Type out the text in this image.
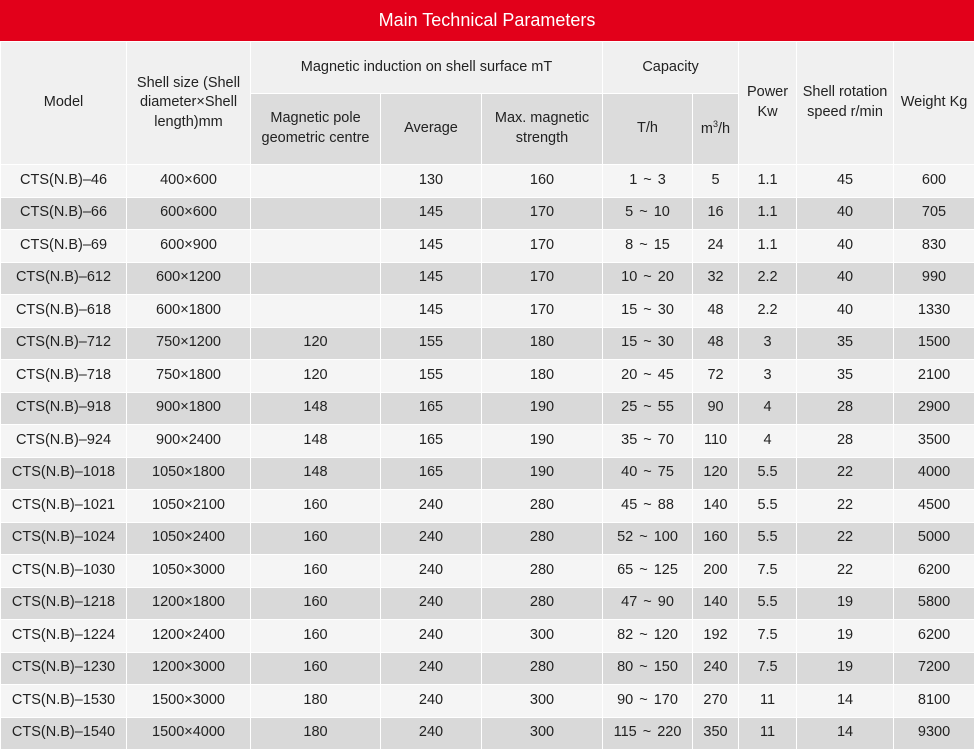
Main Technical Parameters
Model	Shell size (Shell diameter×Shell length)mm	Magnetic induction on shell surface mT			Capacity		Power Kw	Shell rotation speed r/min	Weight Kg
		Magnetic pole geometric centre	Average	Max. magnetic strength	T/h	$m^3/h$			
CTS(N.B)–46	400×600		130	160	1 ~ 3	5	1.1	45	600
CTS(N.B)–66	600×600		145	170	5 ~ 10	16	1.1	40	705
CTS(N.B)–69	600×900		145	170	8 ~ 15	24	1.1	40	830
CTS(N.B)–612	600×1200		145	170	10 ~ 20	32	2.2	40	990
CTS(N.B)–618	600×1800		145	170	15 ~ 30	48	2.2	40	1330
CTS(N.B)–712	750×1200	120	155	180	15 ~ 30	48	3	35	1500
CTS(N.B)–718	750×1800	120	155	180	20 ~ 45	72	3	35	2100
CTS(N.B)–918	900×1800	148	165	190	25 ~ 55	90	4	28	2900
CTS(N.B)–924	900×2400	148	165	190	35 ~ 70	110	4	28	3500
CTS(N.B)–1018	1050×1800	148	165	190	40 ~ 75	120	5.5	22	4000
CTS(N.B)–1021	1050×2100	160	240	280	45 ~ 88	140	5.5	22	4500
CTS(N.B)–1024	1050×2400	160	240	280	52 ~ 100	160	5.5	22	5000
CTS(N.B)–1030	1050×3000	160	240	280	65 ~ 125	200	7.5	22	6200
CTS(N.B)–1218	1200×1800	160	240	280	47 ~ 90	140	5.5	19	5800
CTS(N.B)–1224	1200×2400	160	240	300	82 ~ 120	192	7.5	19	6200
CTS(N.B)–1230	1200×3000	160	240	280	80 ~ 150	240	7.5	19	7200
CTS(N.B)–1530	1500×3000	180	240	300	90 ~ 170	270	11	14	8100
CTS(N.B)–1540	1500×4000	180	240	300	115 ~ 220	350	11	14	9300
